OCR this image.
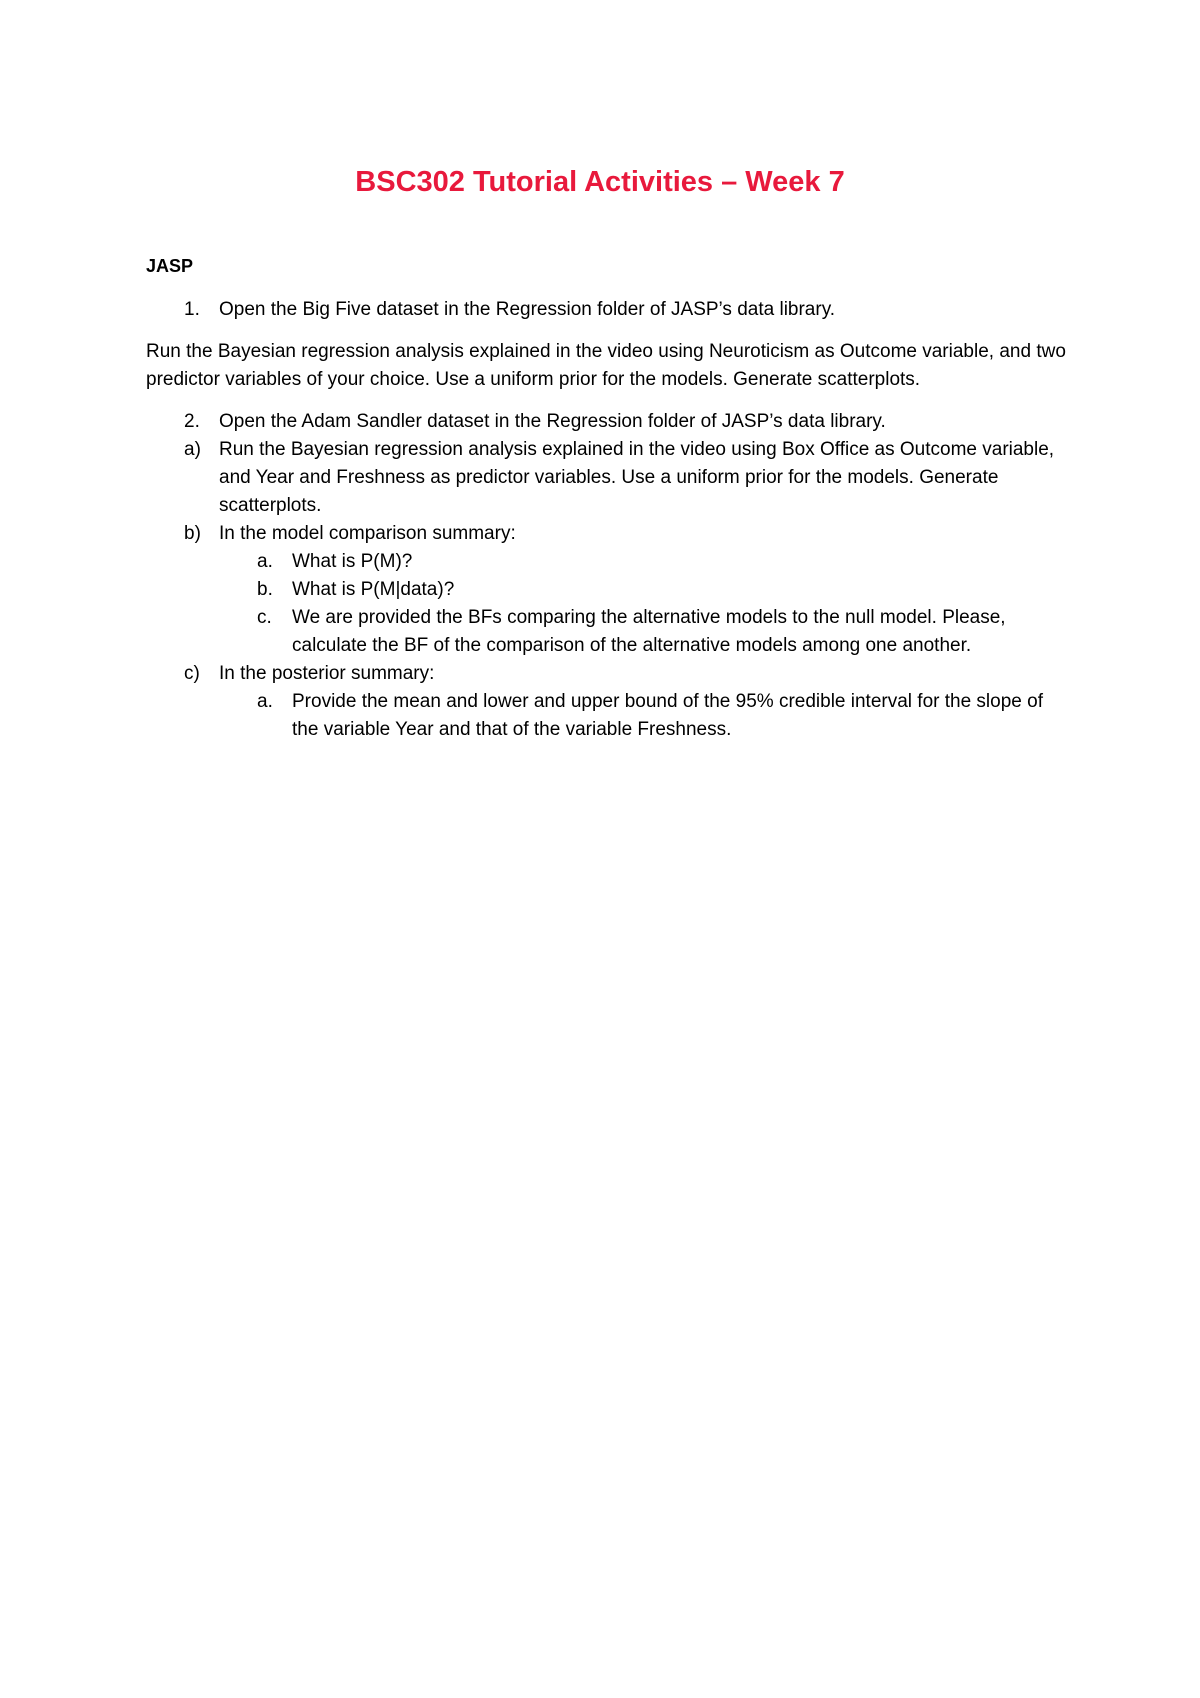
BSC302 Tutorial Activities – Week 7
JASP
1.	Open the Big Five dataset in the Regression folder of JASP’s data library.

Run the Bayesian regression analysis explained in the video using Neuroticism as Outcome variable, and two predictor variables of your choice. Use a uniform prior for the models. Generate scatterplots.

2.	Open the Adam Sandler dataset in the Regression folder of JASP’s data library.
a) Run the Bayesian regression analysis explained in the video using Box Office as Outcome variable, and Year and Freshness as predictor variables. Use a uniform prior for the models. Generate scatterplots.
b) In the model comparison summary:
a.	What is P(M)?
b.	What is P(M|data)?
c.	We are provided the BFs comparing the alternative models to the null model. Please, calculate the BF of the comparison of the alternative models among one another.
c)	In the posterior summary:
a.	Provide the mean and lower and upper bound of the 95% credible interval for the slope of the variable Year and that of the variable Freshness.
